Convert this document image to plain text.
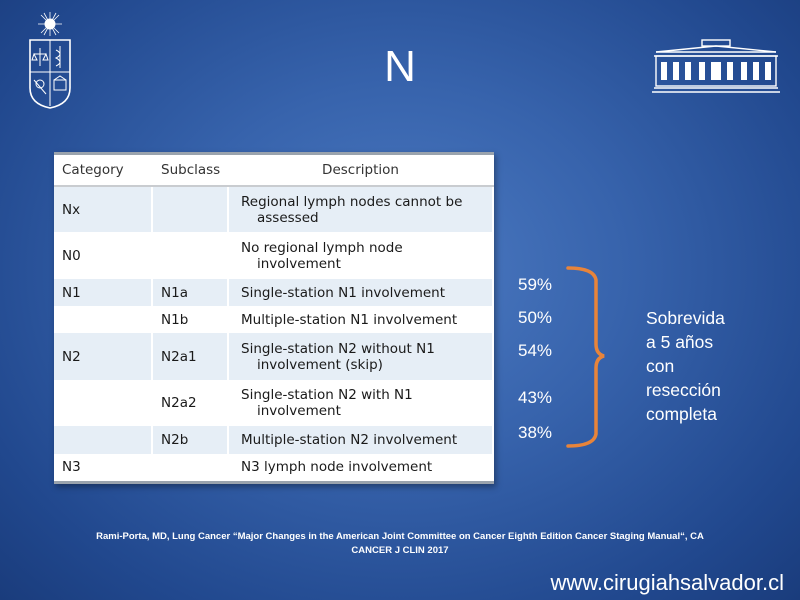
N
Category	Subclass	Description
Nx		Regional lymph nodes cannot be
assessed

N0		No regional lymph node
involvement

N1	N1a	Single-station N1 involvement
	N1b	Multiple-station N1 involvement
N2	N2a1	Single-station N2 without N1
involvement (skip)

	N2a2	Single-station N2 with N1
involvement

	N2b	Multiple-station N2 involvement
N3		N3 lymph node involvement
59%
50%
54%
43%
38%
Sobrevida
a 5 años
con
resección
completa
Rami-Porta, MD, Lung Cancer “Major Changes in the American Joint Committee on Cancer Eighth Edition Cancer Staging Manual“, CA
CANCER J CLIN 2017
www.cirugiahsalvador.cl
